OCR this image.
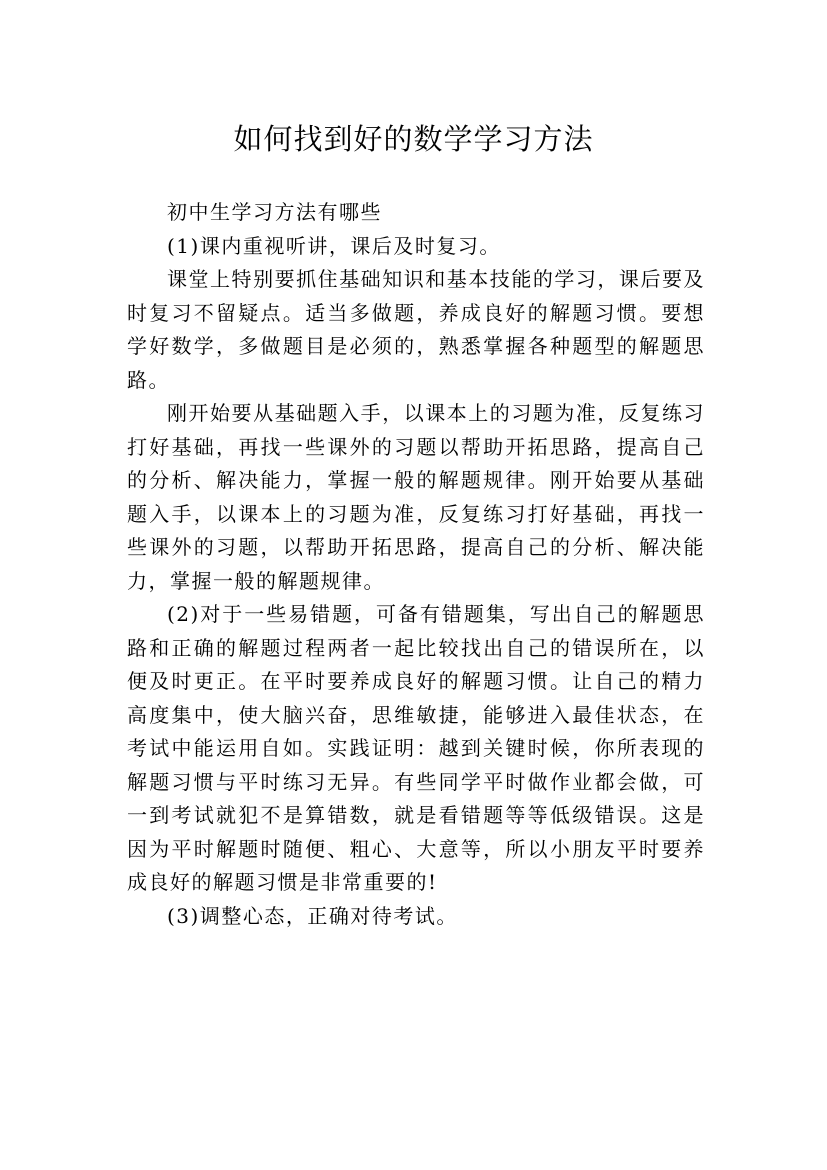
如何找到好的数学学习方法

初中生学习方法有哪些

(1)课内重视听讲，课后及时复习。

课堂上特别要抓住基础知识和基本技能的学习，课后要及时复习不留疑点。适当多做题，养成良好的解题习惯。要想学好数学，多做题目是必须的，熟悉掌握各种题型的解题思路。

刚开始要从基础题入手，以课本上的习题为准，反复练习打好基础，再找一些课外的习题以帮助开拓思路，提高自己的分析、解决能力，掌握一般的解题规律。刚开始要从基础题入手，以课本上的习题为准，反复练习打好基础，再找一些课外的习题，以帮助开拓思路，提高自己的分析、解决能力，掌握一般的解题规律。

(2)对于一些易错题，可备有错题集，写出自己的解题思路和正确的解题过程两者一起比较找出自己的错误所在，以便及时更正。在平时要养成良好的解题习惯。让自己的精力高度集中，使大脑兴奋，思维敏捷，能够进入最佳状态，在考试中能运用自如。实践证明：越到关键时候，你所表现的解题习惯与平时练习无异。有些同学平时做作业都会做，可一到考试就犯不是算错数，就是看错题等等低级错误。这是因为平时解题时随便、粗心、大意等，所以小朋友平时要养成良好的解题习惯是非常重要的!

(3)调整心态，正确对待考试。
